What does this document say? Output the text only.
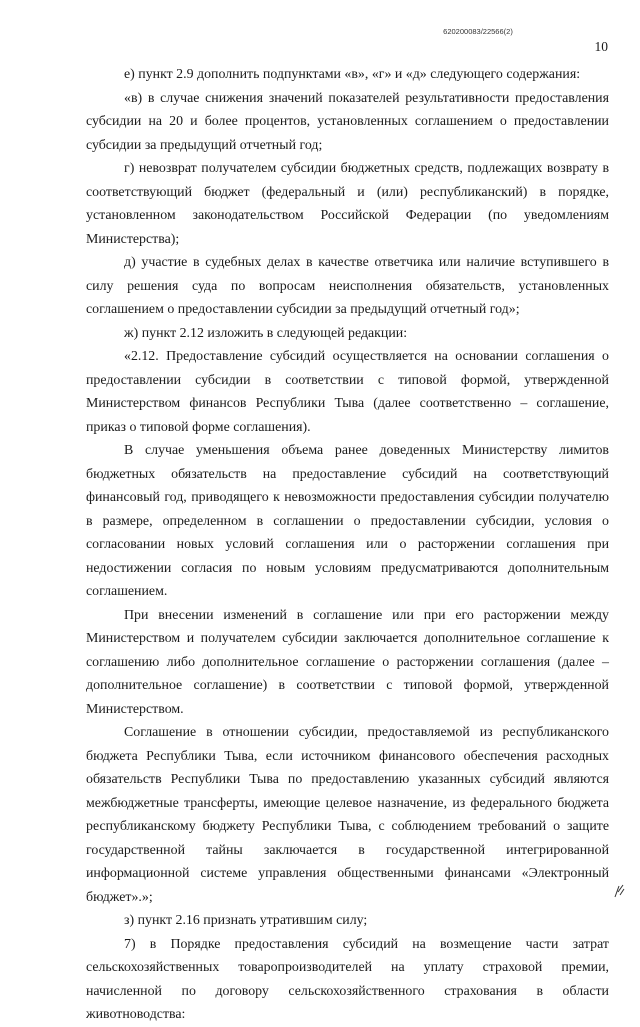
620200083/22566(2)
10

е) пункт 2.9 дополнить подпунктами «в», «г» и «д» следующего содержания:

«в) в случае снижения значений показателей результативности предоставления субсидии на 20 и более процентов, установленных соглашением о предоставлении субсидии за предыдущий отчетный год;

г) невозврат получателем субсидии бюджетных средств, подлежащих возврату в соответствующий бюджет (федеральный и (или) республиканский) в порядке, установленном законодательством Российской Федерации (по уведомлениям Министерства);

д) участие в судебных делах в качестве ответчика или наличие вступившего в силу решения суда по вопросам неисполнения обязательств, установленных соглашением о предоставлении субсидии за предыдущий отчетный год»;

ж) пункт 2.12 изложить в следующей редакции:

«2.12. Предоставление субсидий осуществляется на основании соглашения о предоставлении субсидии в соответствии с типовой формой, утвержденной Министерством финансов Республики Тыва (далее соответственно – соглашение, приказ о типовой форме соглашения).

В случае уменьшения объема ранее доведенных Министерству лимитов бюджетных обязательств на предоставление субсидий на соответствующий финансовый год, приводящего к невозможности предоставления субсидии получателю в размере, определенном в соглашении о предоставлении субсидии, условия о согласовании новых условий соглашения или о расторжении соглашения при недостижении согласия по новым условиям предусматриваются дополнительным соглашением.

При внесении изменений в соглашение или при его расторжении между Министерством и получателем субсидии заключается дополнительное соглашение к соглашению либо дополнительное соглашение о расторжении соглашения (далее – дополнительное соглашение) в соответствии с типовой формой, утвержденной Министерством.

Соглашение в отношении субсидии, предоставляемой из республиканского бюджета Республики Тыва, если источником финансового обеспечения расходных обязательств Республики Тыва по предоставлению указанных субсидий являются межбюджетные трансферты, имеющие целевое назначение, из федерального бюджета республиканскому бюджету Республики Тыва, с соблюдением требований о защите государственной тайны заключается в государственной интегрированной информационной системе управления общественными финансами «Электронный бюджет».»;

з) пункт 2.16 признать утратившим силу;

7) в Порядке предоставления субсидий на возмещение части затрат сельскохозяйственных товаропроизводителей на уплату страховой премии, начисленной по договору сельскохозяйственного страхования в области животноводства:
